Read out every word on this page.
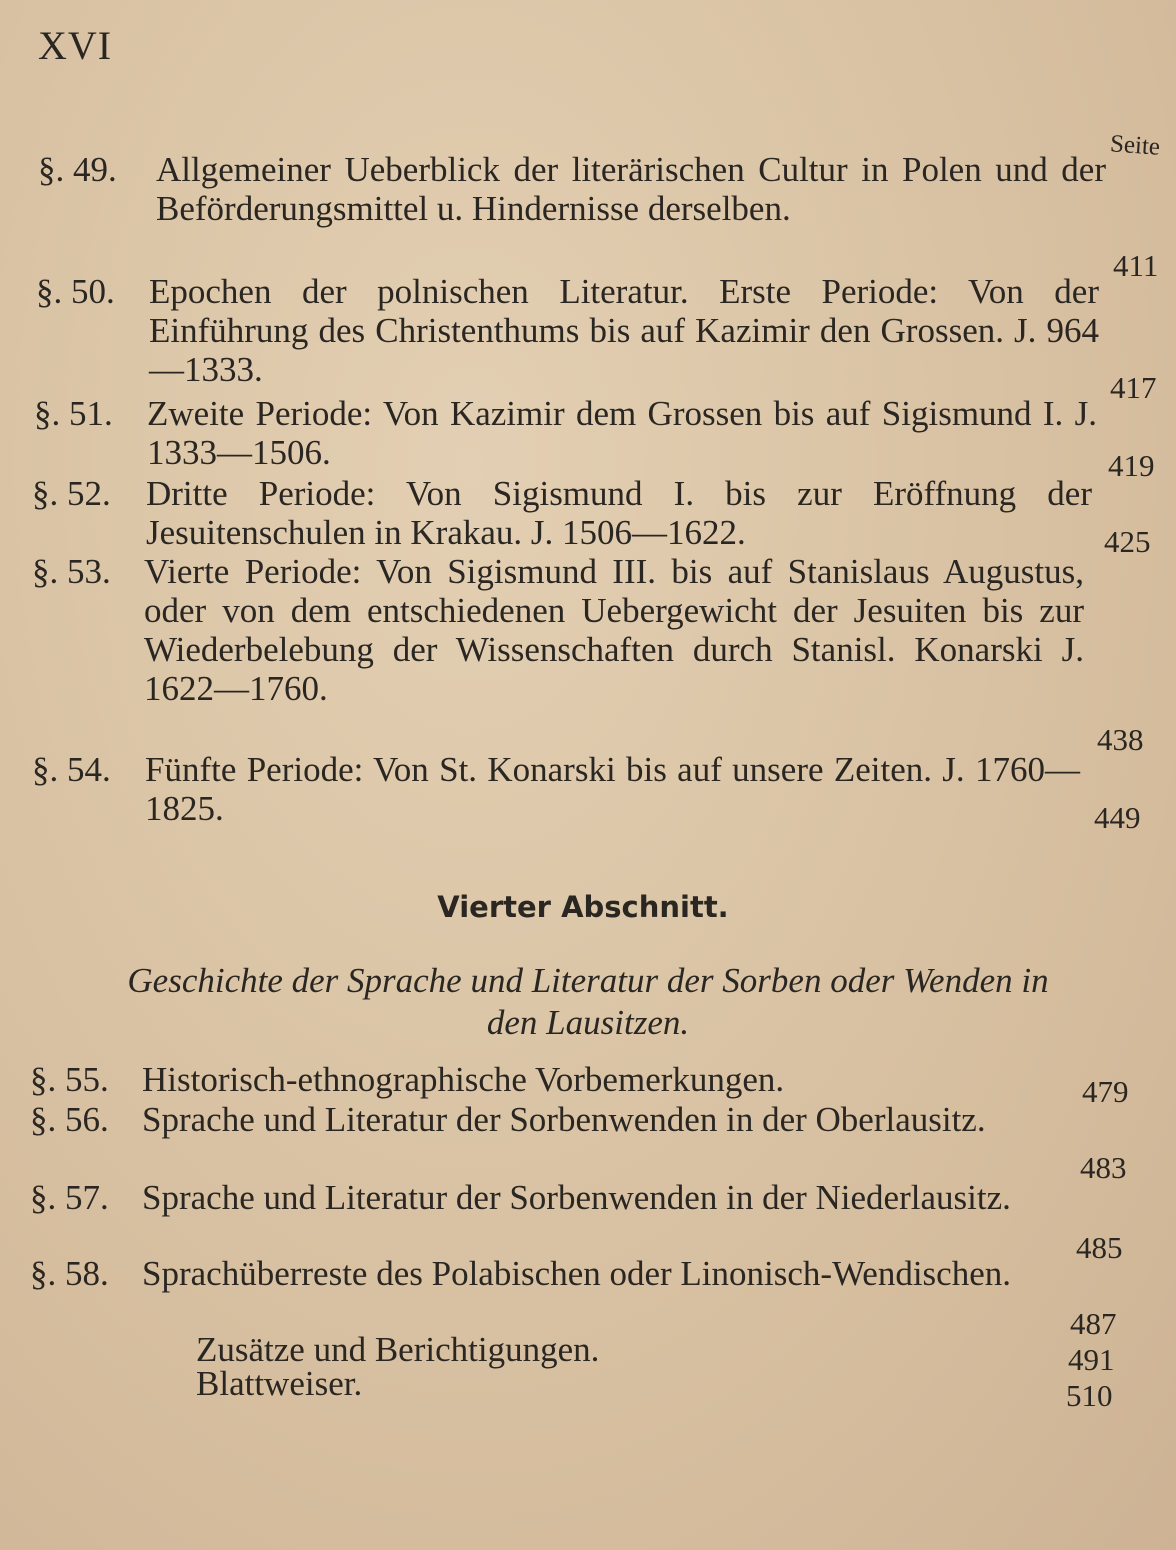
XVI
Seite
§. 49. Allgemeiner Ueberblick der literärischen Cultur in Polen und der Beförderungsmittel u. Hindernisse derselben.
411
§. 50. Epochen der polnischen Literatur. Erste Periode: Von der Einführung des Christenthums bis auf Kazimir den Grossen. J. 964—1333.	417
§. 51. Zweite Periode: Von Kazimir dem Grossen bis auf Sigismund I. J. 1333—1506.	419
§. 52. Dritte Periode: Von Sigismund I. bis zur Eröffnung der Jesuitenschulen in Krakau. J. 1506—1622.	425
§. 53. Vierte Periode: Von Sigismund III. bis auf Stanislaus Augustus, oder von dem entschiedenen Uebergewicht der Jesuiten bis zur Wiederbelebung der Wissenschaften durch Stanisl. Konarski J. 1622—1760.
438
§. 54. Fünfte Periode: Von St. Konarski bis auf unsere Zeiten. J. 1760—1825.	449
Vierter Abschnitt.
Geschichte der Sprache und Literatur der Sorben oder Wenden in den Lausitzen.
§. 55. Historisch-ethnographische Vorbemerkungen.	479
§. 56. Sprache und Literatur der Sorbenwenden in der Oberlausitz.
483
§. 57. Sprache und Literatur der Sorbenwenden in der Niederlausitz.
485
§. 58. Sprachüberreste des Polabischen oder Linonisch-Wendischen.
487
Zusätze und Berichtigungen.	491
Blattweiser.	510
